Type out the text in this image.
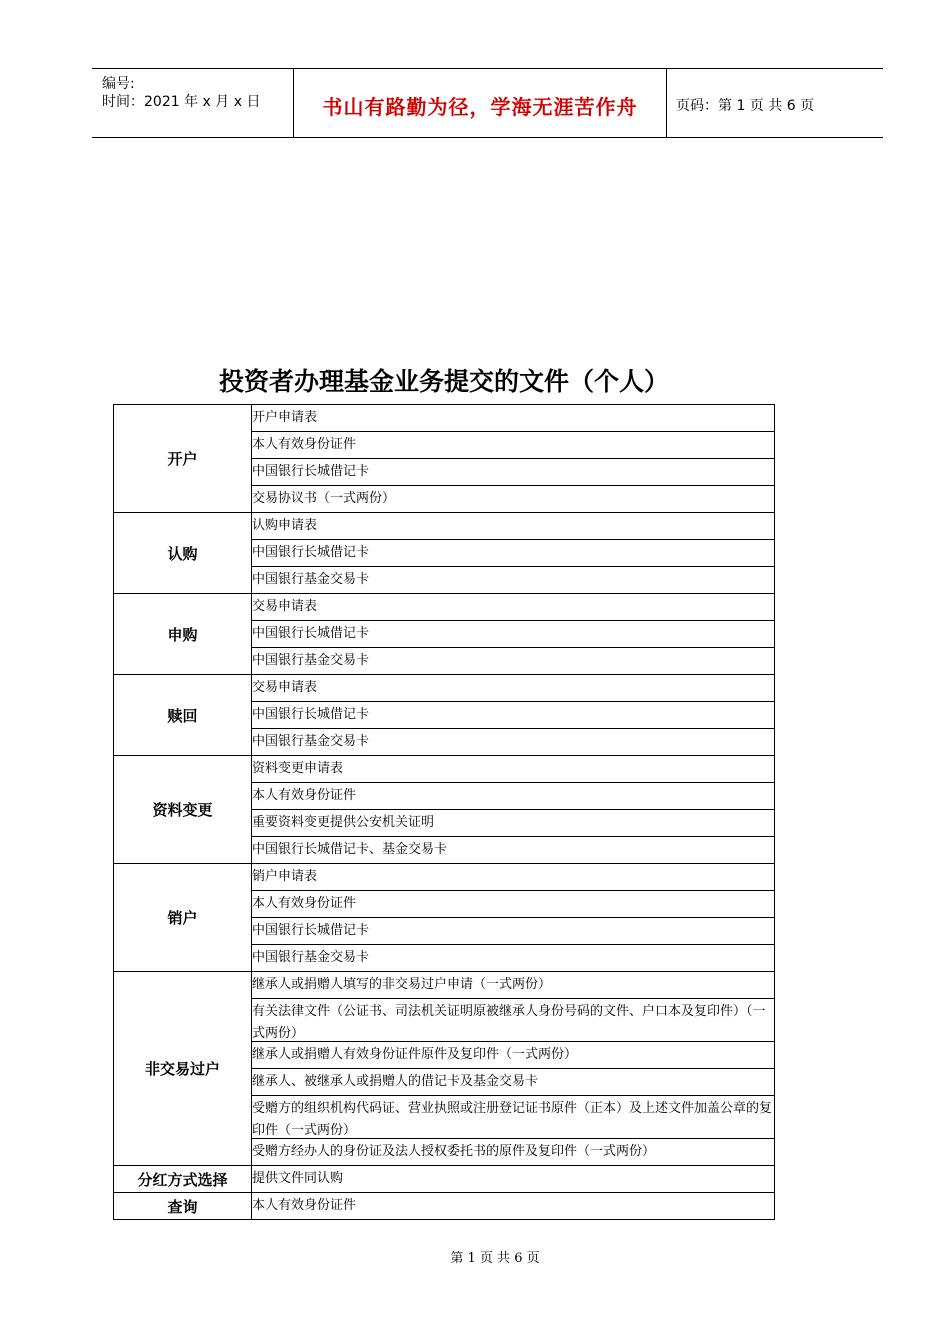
编号:
时间：2021 年 x 月 x 日	书山有路勤为径，学海无涯苦作舟	页码：第 1 页 共 6 页
投资者办理基金业务提交的文件（个人）
开户	开户申请表

	本人有效身份证件

	中国银行长城借记卡

	交易协议书（一式两份）

认购	认购申请表

	中国银行长城借记卡

	中国银行基金交易卡

申购	交易申请表

	中国银行长城借记卡

	中国银行基金交易卡

赎回	交易申请表

	中国银行长城借记卡

	中国银行基金交易卡

资料变更	资料变更申请表

	本人有效身份证件

	重要资料变更提供公安机关证明

	中国银行长城借记卡、基金交易卡

销户	销户申请表

	本人有效身份证件

	中国银行长城借记卡

	中国银行基金交易卡

非交易过户	继承人或捐赠人填写的非交易过户申请（一式两份）

	有关法律文件（公证书、司法机关证明原被继承人身份号码的文件、户口本及复印件）（一式两份）

	继承人或捐赠人有效身份证件原件及复印件（一式两份）

	继承人、被继承人或捐赠人的借记卡及基金交易卡

	受赠方的组织机构代码证、营业执照或注册登记证书原件（正本）及上述文件加盖公章的复印件（一式两份）

	受赠方经办人的身份证及法人授权委托书的原件及复印件（一式两份）

分红方式选择	提供文件同认购

查询	本人有效身份证件
第 1 页 共 6 页
